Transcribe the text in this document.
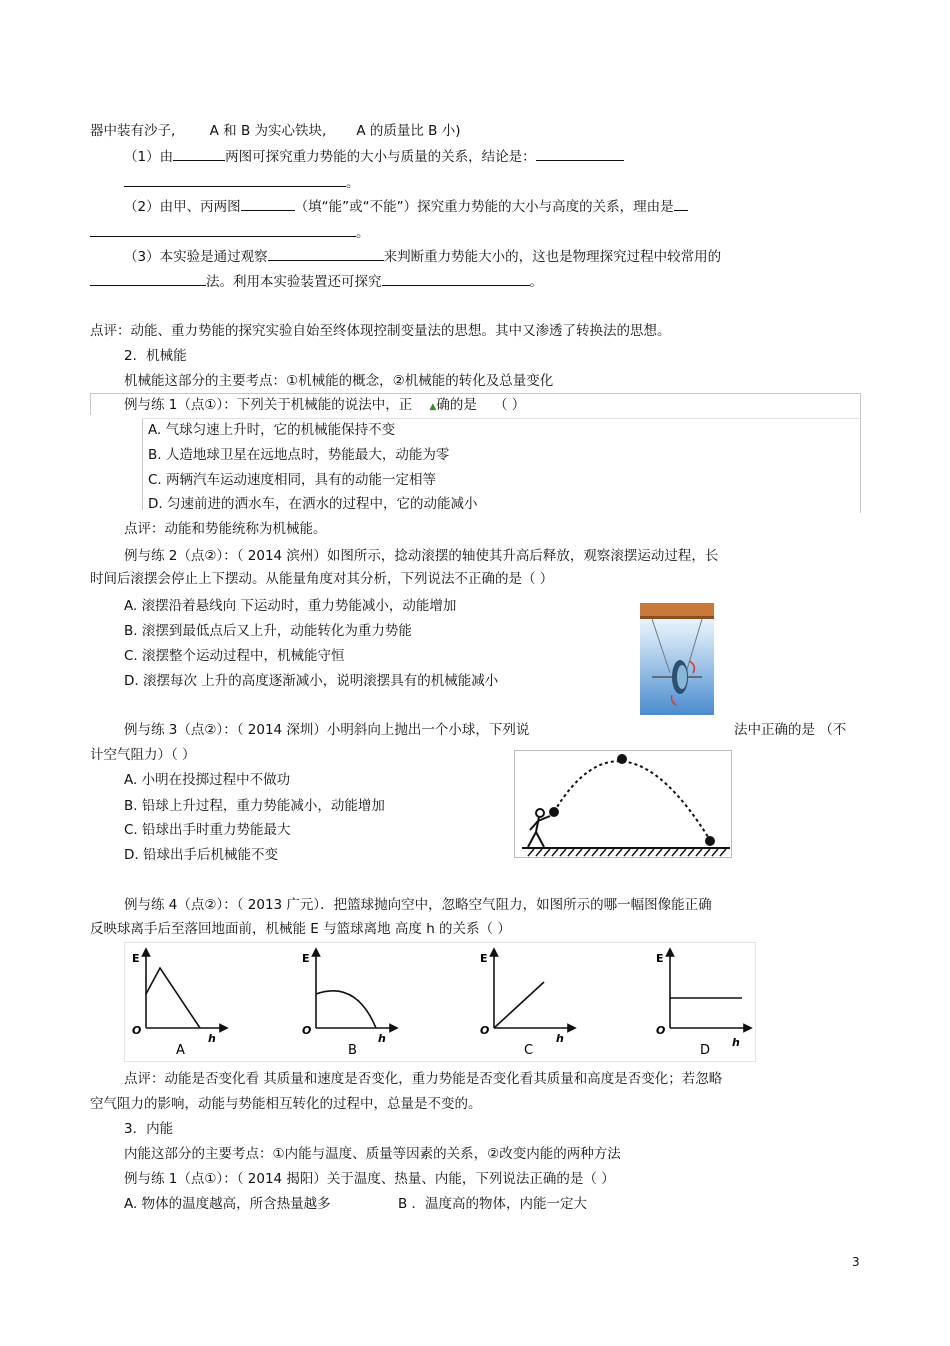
器中装有沙子,	A 和 B 为实心铁块, A 的质量比 B 小)
（1）由	两图可探究重力势能的大小与质量的关系，结论是：
。
（2）由甲、丙两图	（填“能”或“不能”）探究重力势能的大小与高度的关系，理由是
。
（3）本实验是通过观察	来判断重力势能大小的，这也是物理探究过程中较常用的
法。利用本实验装置还可探究	。
点评：动能、重力势能的探究实验自始至终体现控制变量法的思想。其中又渗透了转换法的思想。
2．机械能
机械能这部分的主要考点：①机械能的概念，②机械能的转化及总量变化
例与练 1（点①）：下列关于机械能的说法中，正 ▲确的是 （ ）
A. 气球匀速上升时，它的机械能保持不变
B. 人造地球卫星在远地点时，势能最大，动能为零
C. 两辆汽车运动速度相同，具有的动能一定相等
D. 匀速前进的洒水车，在洒水的过程中，它的动能减小
点评：动能和势能统称为机械能。
例与练 2（点②）：（ 2014 滨州）如图所示，捻动滚摆的轴使其升高后释放，观察滚摆运动过程，长
时间后滚摆会停止上下摆动。从能量角度对其分析，下列说法不正确的是（ ）
A. 滚摆沿着悬线向 下运动时，重力势能减小，动能增加
B. 滚摆到最低点后又上升，动能转化为重力势能
C. 滚摆整个运动过程中，机械能守恒
D. 滚摆每次 上升的高度逐渐减小，说明滚摆具有的机械能减小
例与练 3（点②）：（ 2014 深圳）小明斜向上抛出一个小球，下列说	法中正确的是 （不
计空气阻力）（ ）
A. 小明在投掷过程中不做功
B. 铅球上升过程，重力势能减小，动能增加
C. 铅球出手时重力势能最大
D. 铅球出手后机械能不变
例与练 4（点②）：（ 2013 广元）．把篮球抛向空中，忽略空气阻力，如图所示的哪一幅图像能正确
反映球离手后至落回地面前，机械能 E 与篮球离地 高度 h 的关系（ ）
E
O
h
A
E
O
h
B
E
O
h
C
E
O
h
D
点评：动能是否变化看 其质量和速度是否变化，重力势能是否变化看其质量和高度是否变化；若忽略
空气阻力的影响，动能与势能相互转化的过程中，总量是不变的。
3．内能
内能这部分的主要考点：①内能与温度、质量等因素的关系，②改变内能的两种方法
例与练 1（点①）：（ 2014 揭阳）关于温度、热量、内能，下列说法正确的是（ ）
A. 物体的温度越高，所含热量越多	B ．温度高的物体，内能一定大
3
